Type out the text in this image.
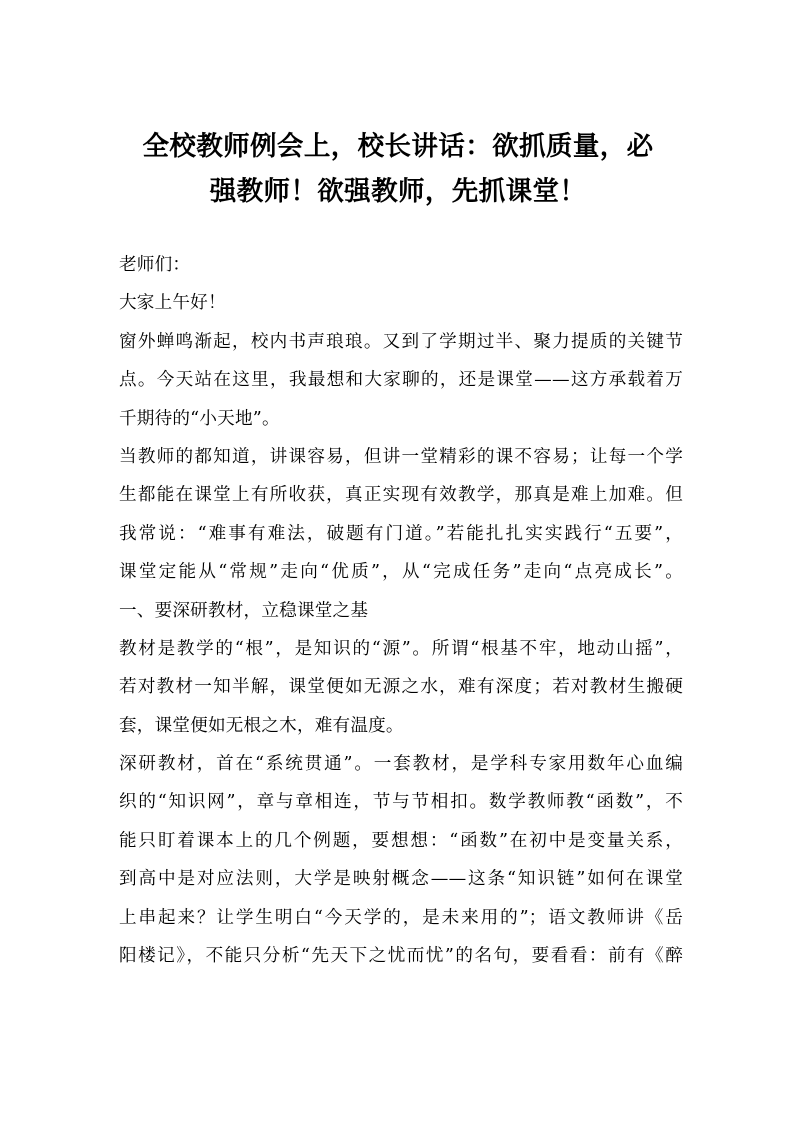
全校教师例会上，校长讲话：欲抓质量，必
强教师！欲强教师，先抓课堂！
老师们：
大家上午好！
窗外蝉鸣渐起，校内书声琅琅。又到了学期过半、聚力提质的关键节
点。今天站在这里，我最想和大家聊的，还是课堂——这方承载着万
千期待的“小天地”。
当教师的都知道，讲课容易，但讲一堂精彩的课不容易；让每一个学
生都能在课堂上有所收获，真正实现有效教学，那真是难上加难。但
我常说：“难事有难法，破题有门道。”若能扎扎实实践行“五要”，
课堂定能从“常规”走向“优质”，从“完成任务”走向“点亮成长”。
一、要深研教材，立稳课堂之基
教材是教学的“根”，是知识的“源”。所谓“根基不牢，地动山摇”，
若对教材一知半解，课堂便如无源之水，难有深度；若对教材生搬硬
套，课堂便如无根之木，难有温度。
深研教材，首在“系统贯通”。一套教材，是学科专家用数年心血编
织的“知识网”，章与章相连，节与节相扣。数学教师教“函数”，不
能只盯着课本上的几个例题，要想想：“函数”在初中是变量关系，
到高中是对应法则，大学是映射概念——这条“知识链”如何在课堂
上串起来？让学生明白“今天学的，是未来用的”；语文教师讲《岳
阳楼记》，不能只分析“先天下之忧而忧”的名句，要看看：前有《醉
